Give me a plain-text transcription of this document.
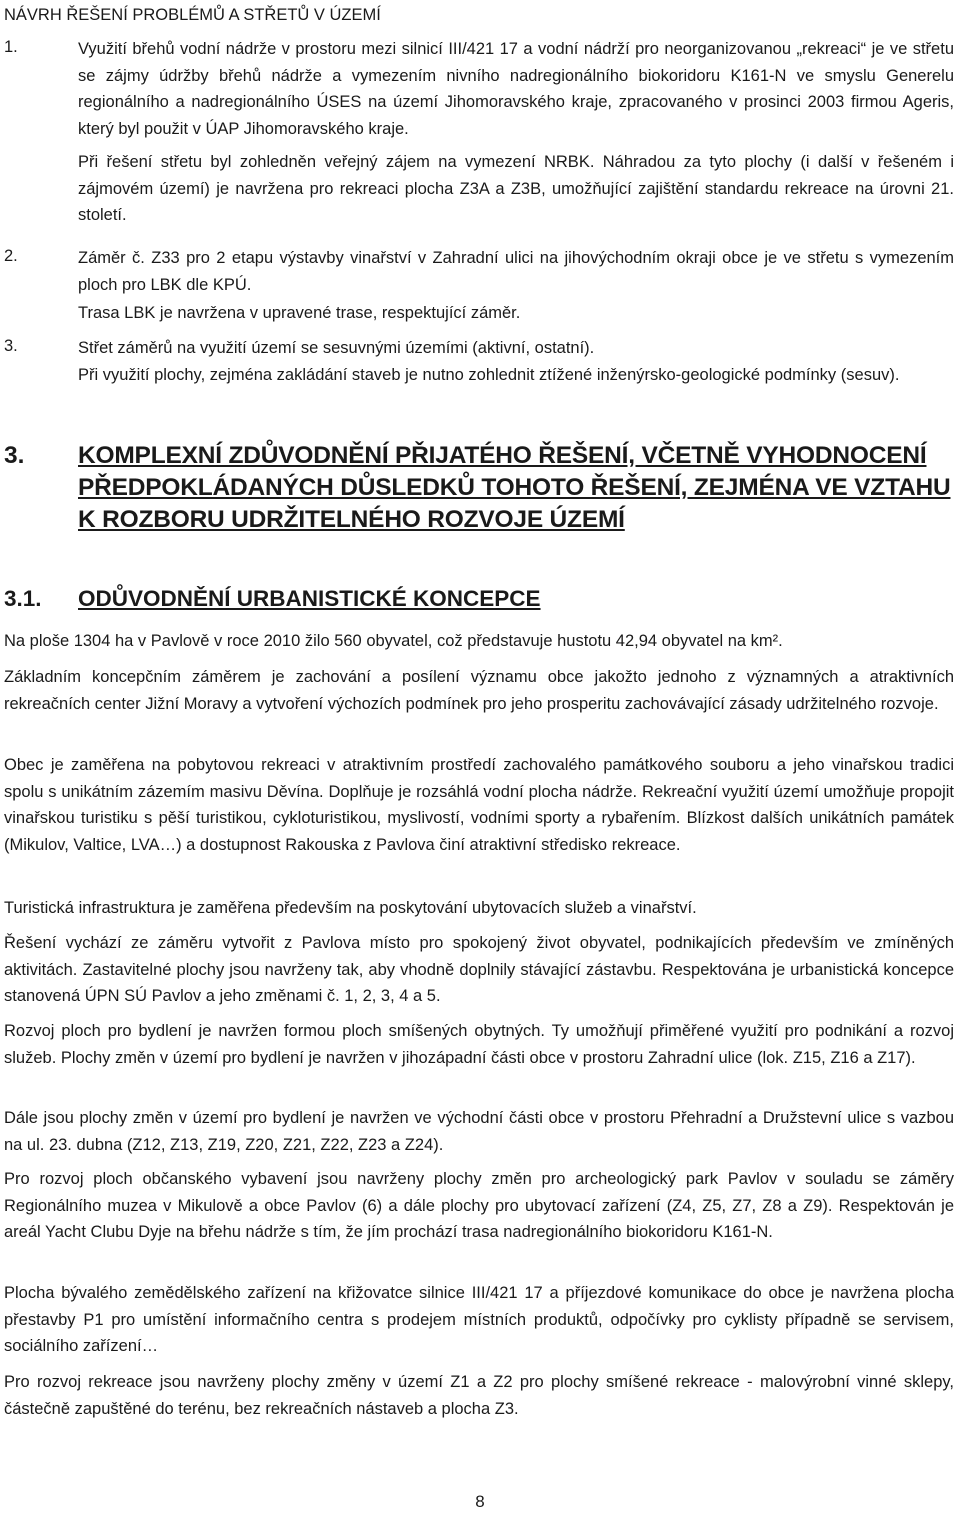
NÁVRH ŘEŠENÍ PROBLÉMŮ A STŘETŮ V ÚZEMÍ
1.	Využití břehů vodní nádrže v prostoru mezi silnicí III/421 17 a vodní nádrží pro neorganizovanou „rekreaci“ je ve střetu se zájmy údržby břehů nádrže a vymezením nivního nadregionálního biokoridoru K161-N ve smyslu Generelu regionálního a nadregionálního ÚSES na území Jihomoravského kraje, zpracovaného v prosinci 2003 firmou Ageris, který byl použit v ÚAP Jihomoravského kraje.

Při řešení střetu byl zohledněn veřejný zájem na vymezení NRBK. Náhradou za tyto plochy (i další v řešeném i zájmovém území) je navržena pro rekreaci plocha Z3A a Z3B, umožňující zajištění standardu rekreace na úrovni 21. století.

2.	Záměr č. Z33 pro 2 etapu výstavby vinařství v Zahradní ulici na jihovýchodním okraji obce je ve střetu s vymezením ploch pro LBK dle KPÚ.

Trasa LBK je navržena v upravené trase, respektující záměr.

3.	Střet záměrů na využití území se sesuvnými územími (aktivní, ostatní).

Při využití plochy, zejména zakládání staveb je nutno zohlednit ztížené inženýrsko-geologické podmínky (sesuv).

3. KOMPLEXNÍ ZDŮVODNĚNÍ PŘIJATÉHO ŘEŠENÍ, VČETNĚ VYHODNOCENÍ PŘEDPOKLÁDANÝCH DŮSLEDKŮ TOHOTO ŘEŠENÍ, ZEJMÉNA VE VZTAHU K ROZBORU UDRŽITELNÉHO ROZVOJE ÚZEMÍ
3.1. ODŮVODNĚNÍ URBANISTICKÉ KONCEPCE
Na ploše 1304 ha v Pavlově v roce 2010 žilo 560 obyvatel, což představuje hustotu 42,94 obyvatel na km².
Základním koncepčním záměrem je zachování a posílení významu obce jakožto jednoho z významných a atraktivních rekreačních center Jižní Moravy a vytvoření výchozích podmínek pro jeho prosperitu zachovávající zásady udržitelného rozvoje.
Obec je zaměřena na pobytovou rekreaci v atraktivním prostředí zachovalého památkového souboru a jeho vinařskou tradici spolu s unikátním zázemím masivu Děvína. Doplňuje je rozsáhlá vodní plocha nádrže. Rekreační využití území umožňuje propojit vinařskou turistiku s pěší turistikou, cykloturistikou, myslivostí, vodními sporty a rybařením. Blízkost dalších unikátních památek (Mikulov, Valtice, LVA…) a dostupnost Rakouska z Pavlova činí atraktivní středisko rekreace.
Turistická infrastruktura je zaměřena především na poskytování ubytovacích služeb a vinařství.
Řešení vychází ze záměru vytvořit z Pavlova místo pro spokojený život obyvatel, podnikajících především ve zmíněných aktivitách. Zastavitelné plochy jsou navrženy tak, aby vhodně doplnily stávající zástavbu. Respektována je urbanistická koncepce stanovená ÚPN SÚ Pavlov a jeho změnami č. 1, 2, 3, 4 a 5.
Rozvoj ploch pro bydlení je navržen formou ploch smíšených obytných. Ty umožňují přiměřené využití pro podnikání a rozvoj služeb. Plochy změn v území pro bydlení je navržen v jihozápadní části obce v prostoru Zahradní ulice (lok. Z15, Z16 a Z17).
Dále jsou plochy změn v území pro bydlení je navržen ve východní části obce v prostoru Přehradní a Družstevní ulice s vazbou na ul. 23. dubna (Z12, Z13, Z19, Z20, Z21, Z22, Z23 a Z24).
Pro rozvoj ploch občanského vybavení jsou navrženy plochy změn pro archeologický park Pavlov v souladu se záměry Regionálního muzea v Mikulově a obce Pavlov (6) a dále plochy pro ubytovací zařízení (Z4, Z5, Z7, Z8 a Z9). Respektován je areál Yacht Clubu Dyje na břehu nádrže s tím, že jím prochází trasa nadregionálního biokoridoru K161-N.
Plocha bývalého zemědělského zařízení na křižovatce silnice III/421 17 a příjezdové komunikace do obce je navržena plocha přestavby P1 pro umístění informačního centra s prodejem místních produktů, odpočívky pro cyklisty případně se servisem, sociálního zařízení…
Pro rozvoj rekreace jsou navrženy plochy změny v území Z1 a Z2 pro plochy smíšené rekreace - malovýrobní vinné sklepy, částečně zapuštěné do terénu, bez rekreačních nástaveb a plocha Z3.
8
